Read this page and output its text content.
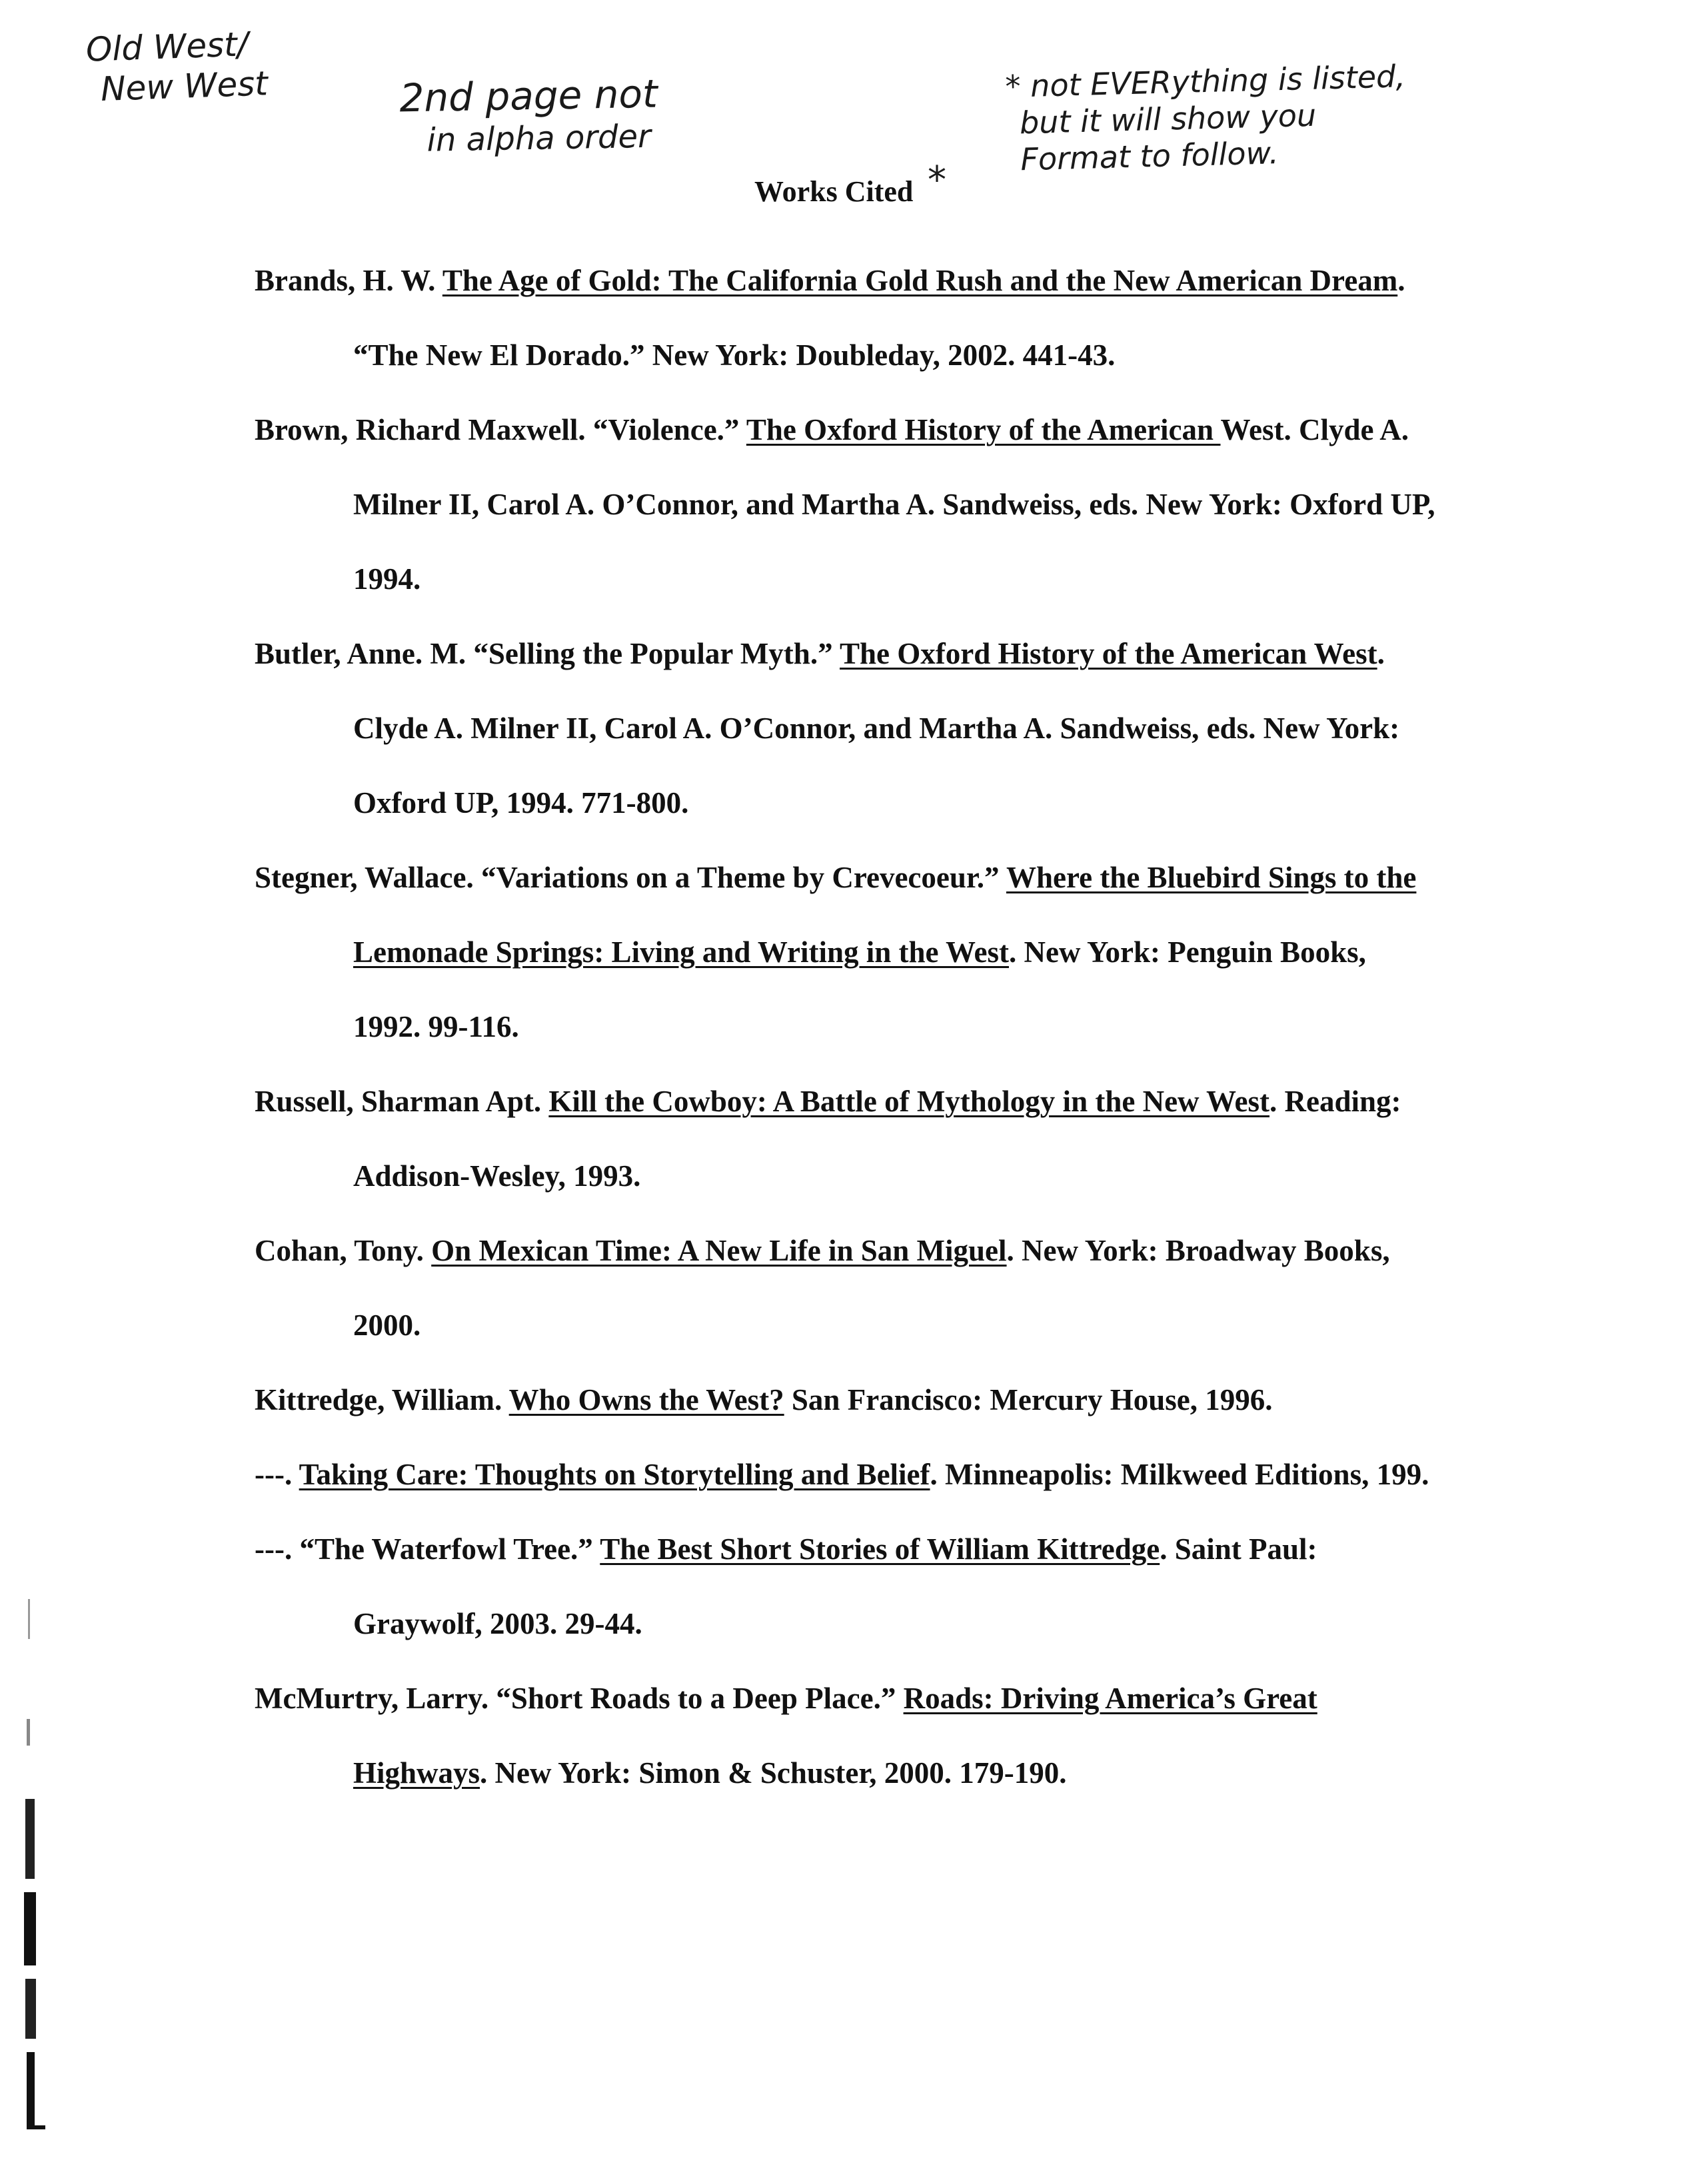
Old West/
New West	2nd page not
in alpha order
* not EVERything is listed,
but it will show you
Format to follow.
Works Cited *

Brands, H. W. The Age of Gold: The California Gold Rush and the New American Dream. “The New El Dorado.” New York: Doubleday, 2002. 441-43.

Brown, Richard Maxwell. “Violence.” The Oxford History of the American West. Clyde A. Milner II, Carol A. O’Connor, and Martha A. Sandweiss, eds. New York: Oxford UP, 1994.

Butler, Anne. M. “Selling the Popular Myth.” The Oxford History of the American West. Clyde A. Milner II, Carol A. O’Connor, and Martha A. Sandweiss, eds. New York: Oxford UP, 1994. 771-800.

Stegner, Wallace. “Variations on a Theme by Crevecoeur.” Where the Bluebird Sings to the Lemonade Springs: Living and Writing in the West. New York: Penguin Books, 1992. 99-116.

Russell, Sharman Apt. Kill the Cowboy: A Battle of Mythology in the New West. Reading: Addison-Wesley, 1993.

Cohan, Tony. On Mexican Time: A New Life in San Miguel. New York: Broadway Books, 2000.

Kittredge, William. Who Owns the West? San Francisco: Mercury House, 1996.

---. Taking Care: Thoughts on Storytelling and Belief. Minneapolis: Milkweed Editions, 199.

---. “The Waterfowl Tree.” The Best Short Stories of William Kittredge. Saint Paul: Graywolf, 2003. 29-44.

McMurtry, Larry. “Short Roads to a Deep Place.” Roads: Driving America’s Great Highways. New York: Simon & Schuster, 2000. 179-190.
